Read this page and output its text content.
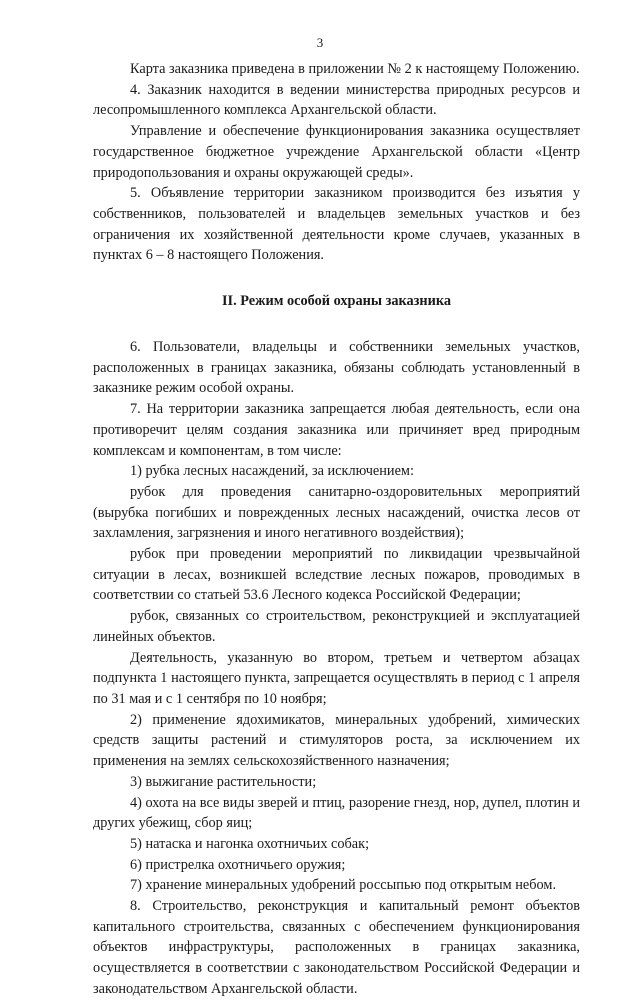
3

Карта заказника приведена в приложении № 2 к настоящему Положению.

4. Заказник находится в ведении министерства природных ресурсов и лесопромышленного комплекса Архангельской области.

Управление и обеспечение функционирования заказника осуществляет государственное бюджетное учреждение Архангельской области «Центр природопользования и охраны окружающей среды».

5. Объявление территории заказником производится без изъятия у собственников, пользователей и владельцев земельных участков и без ограничения их хозяйственной деятельности кроме случаев, указанных в пунктах 6 – 8 настоящего Положения.

II. Режим особой охраны заказника

6. Пользователи, владельцы и собственники земельных участков, расположенных в границах заказника, обязаны соблюдать установленный в заказнике режим особой охраны.

7. На территории заказника запрещается любая деятельность, если она противоречит целям создания заказника или причиняет вред природным комплексам и компонентам, в том числе:

1) рубка лесных насаждений, за исключением:

рубок для проведения санитарно-оздоровительных мероприятий (вырубка погибших и поврежденных лесных насаждений, очистка лесов от захламления, загрязнения и иного негативного воздействия);

рубок при проведении мероприятий по ликвидации чрезвычайной ситуации в лесах, возникшей вследствие лесных пожаров, проводимых в соответствии со статьей 53.6 Лесного кодекса Российской Федерации;

рубок, связанных со строительством, реконструкцией и эксплуатацией линейных объектов.

Деятельность, указанную во втором, третьем и четвертом абзацах подпункта 1 настоящего пункта, запрещается осуществлять в период с 1 апреля по 31 мая и с 1 сентября по 10 ноября;

2) применение ядохимикатов, минеральных удобрений, химических средств защиты растений и стимуляторов роста, за исключением их применения на землях сельскохозяйственного назначения;

3) выжигание растительности;

4) охота на все виды зверей и птиц, разорение гнезд, нор, дупел, плотин и других убежищ, сбор яиц;

5) натаска и нагонка охотничьих собак;

6) пристрелка охотничьего оружия;

7) хранение минеральных удобрений россыпью под открытым небом.

8. Строительство, реконструкция и капитальный ремонт объектов капитального строительства, связанных с обеспечением функционирования объектов инфраструктуры, расположенных в границах заказника, осуществляется в соответствии с законодательством Российской Федерации и законодательством Архангельской области.
